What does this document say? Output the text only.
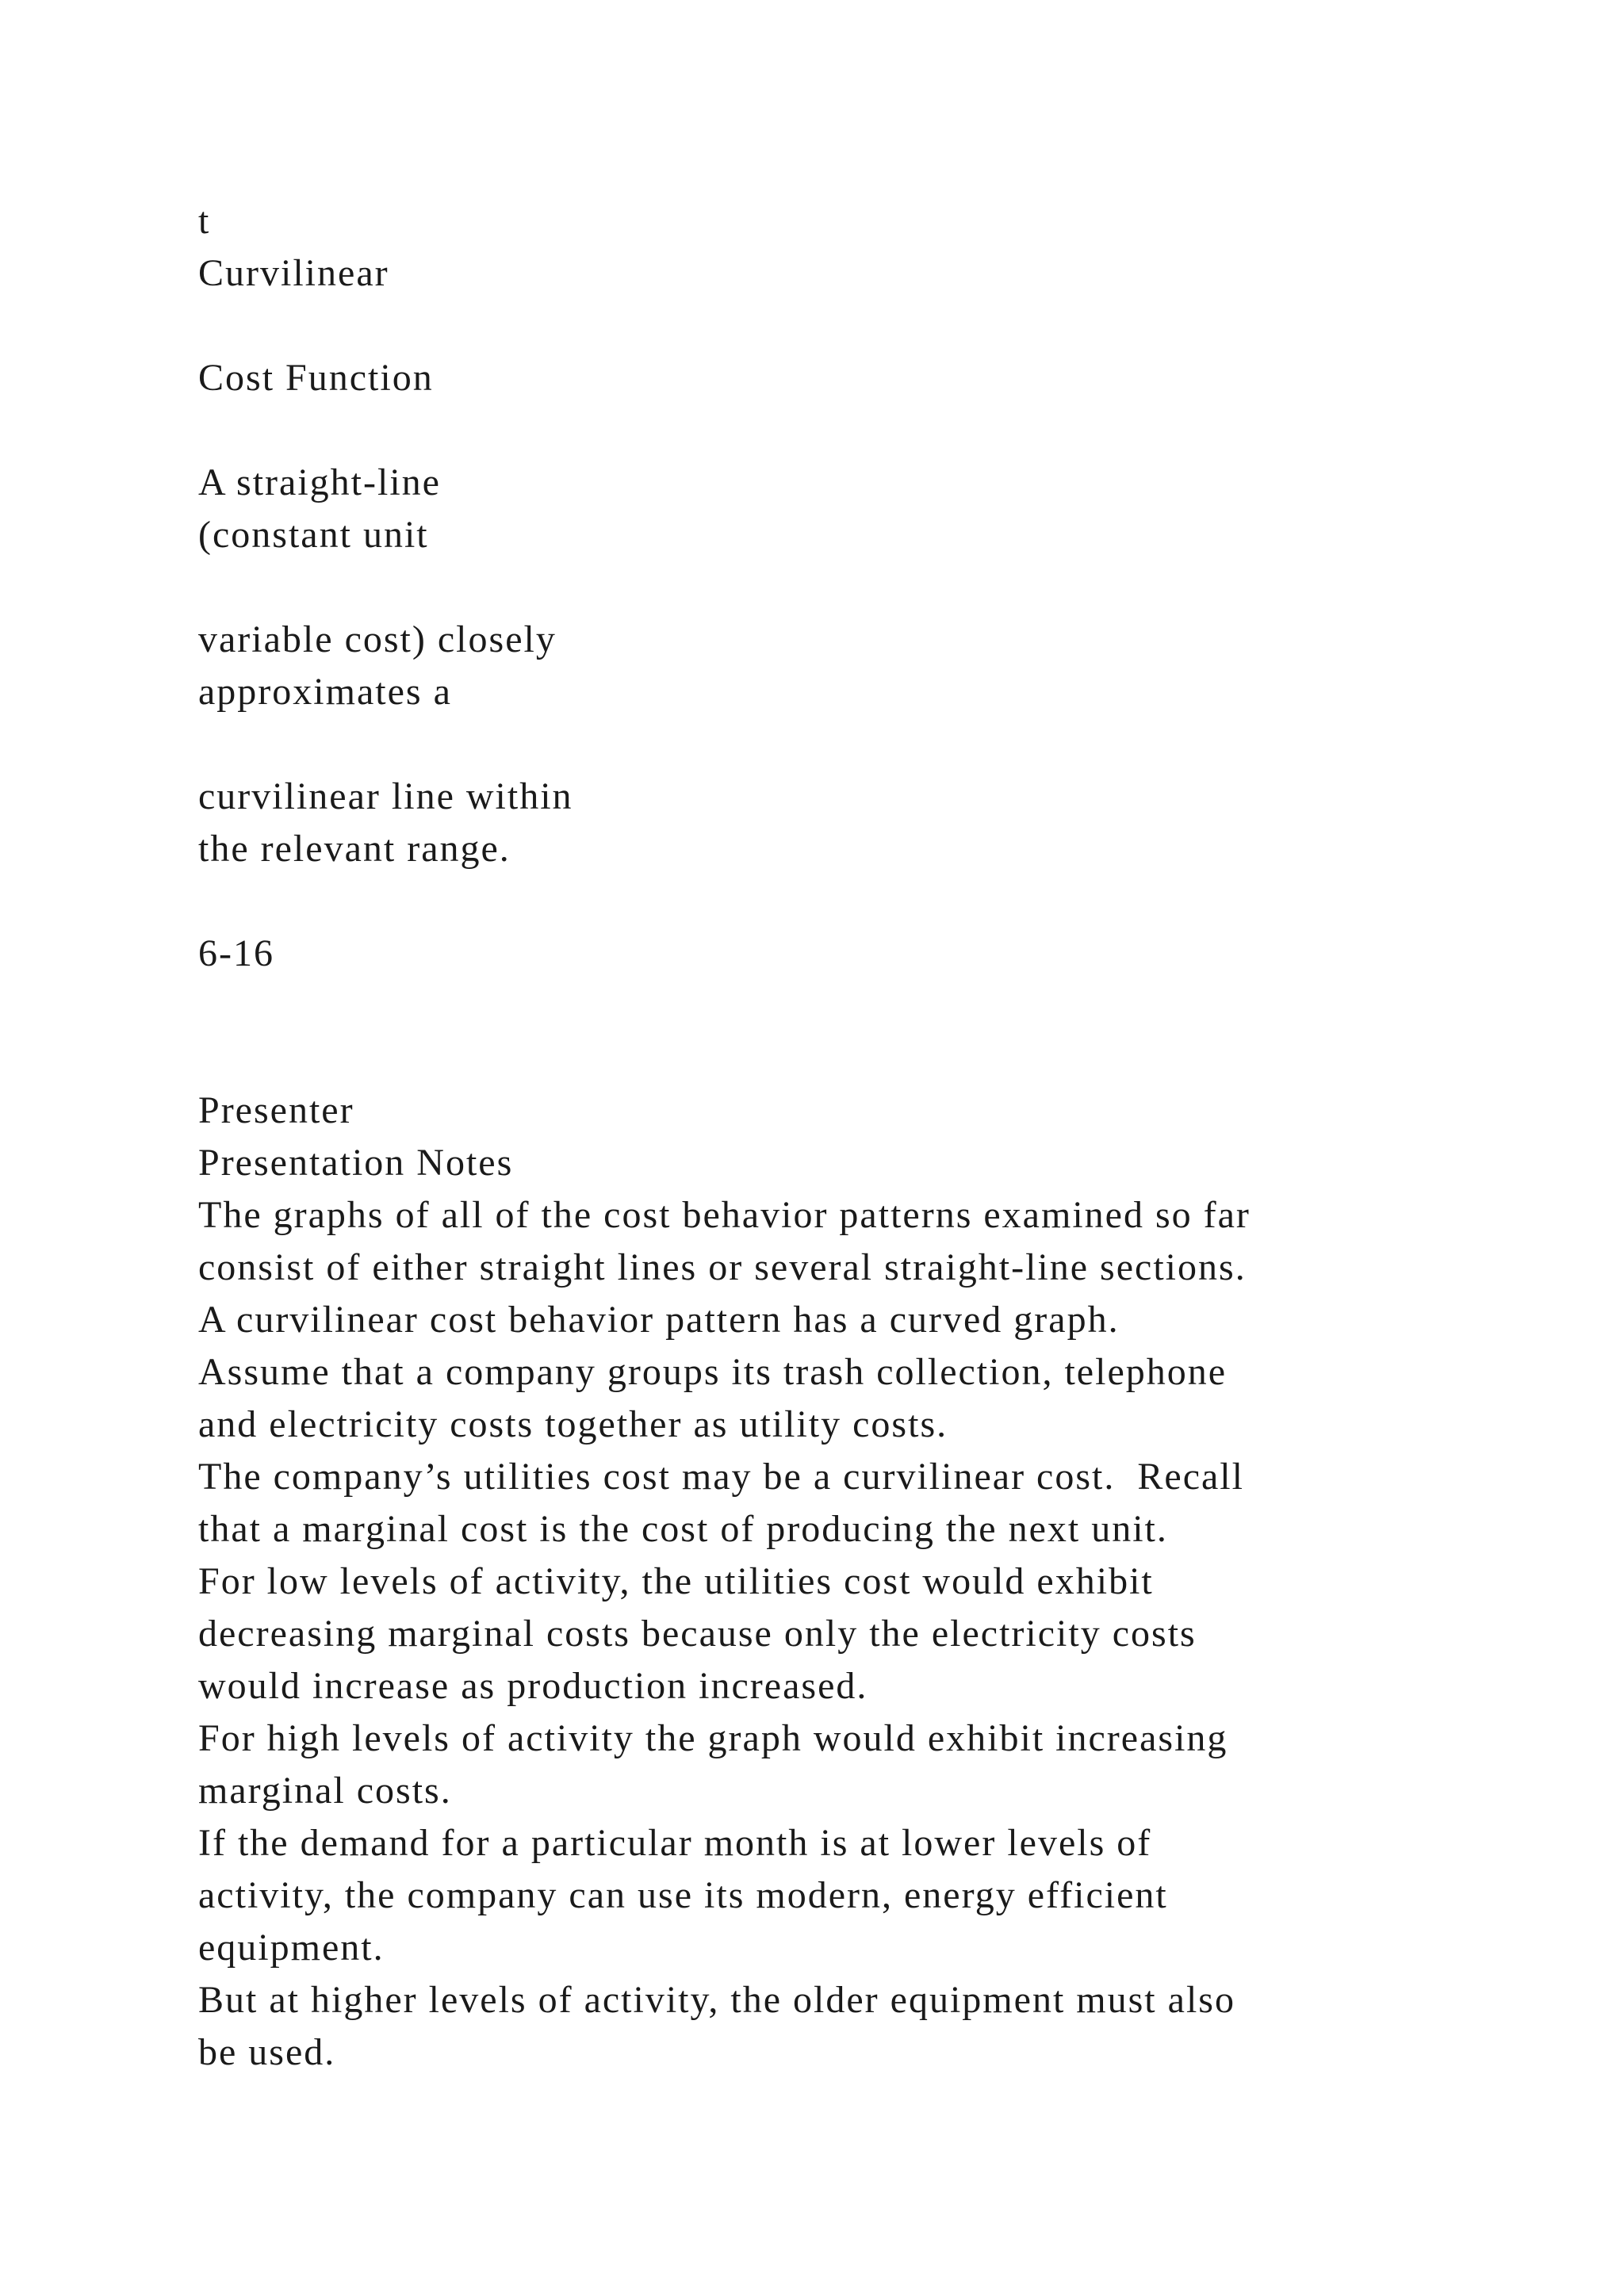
t
Curvilinear
Cost Function
A straight-line
(constant unit
variable cost) closely
approximates a
curvilinear line within
the relevant range.
6-16
Presenter
Presentation Notes
The graphs of all of the cost behavior patterns examined so far
consist of either straight lines or several straight-line sections.
A curvilinear cost behavior pattern has a curved graph.
Assume that a company groups its trash collection, telephone
and electricity costs together as utility costs.
The company’s utilities cost may be a curvilinear cost.  Recall
that a marginal cost is the cost of producing the next unit.
For low levels of activity, the utilities cost would exhibit
decreasing marginal costs because only the electricity costs
would increase as production increased.
For high levels of activity the graph would exhibit increasing
marginal costs.
If the demand for a particular month is at lower levels of
activity, the company can use its modern, energy efficient
equipment.
But at higher levels of activity, the older equipment must also
be used.
